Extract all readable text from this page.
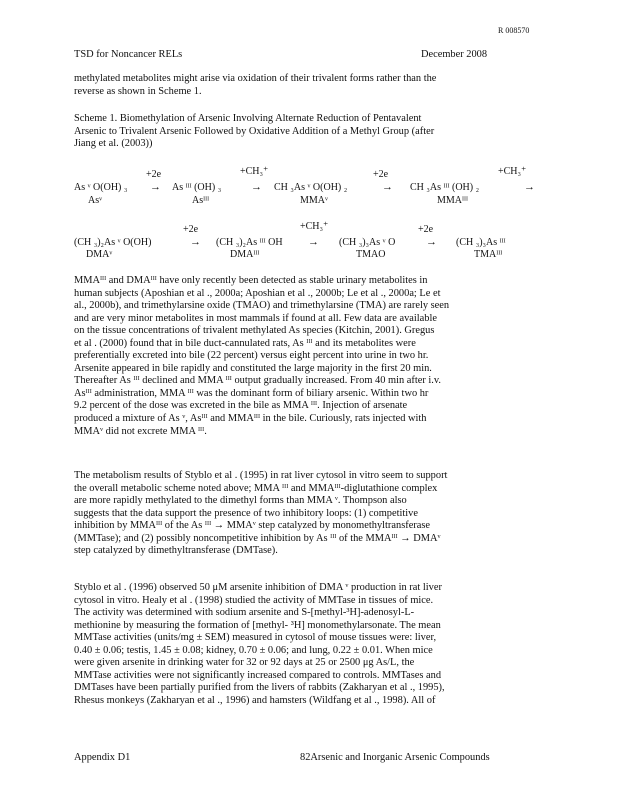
R 008570
TSD for Noncancer RELs	December 2008

methylated metabolites might arise via oxidation of their trivalent forms rather than the
reverse as shown in Scheme 1.

Scheme 1. Biomethylation of Arsenic Involving Alternate Reduction of Pentavalent
Arsenic to Trivalent Arsenic Followed by Oxidative Addition of a Methyl Group (after
Jiang et al. (2003))

+2e	+CH₃⁺	+2e	+CH₃⁺
As ᵛ O(OH) ₃ → As ᴵᴵᴵ (OH) ₃	→ CH ₃As ᵛ O(OH) ₂	→ CH ₃As ᴵᴵᴵ (OH) ₂	→
Asᵛ	Asᴵᴵᴵ	MMAᵛ	MMAᴵᴵᴵ
+2e	+CH₃⁺	+2e
(CH ₃)₂As ᵛ O(OH)	→ (CH ₃)₂As ᴵᴵᴵ OH → (CH ₃)₃As ᵛ O	→ (CH ₃)₃As ᴵᴵᴵ
DMAᵛ	DMAᴵᴵᴵ	TMAO	TMAᴵᴵᴵ

MMAᴵᴵᴵ and DMAᴵᴵᴵ have only recently been detected as stable urinary metabolites in
human subjects (Aposhian et al ., 2000a; Aposhian et al ., 2000b; Le et al ., 2000a; Le et
al., 2000b), and trimethylarsine oxide (TMAO) and trimethylarsine (TMA) are rarely seen
and are very minor metabolites in most mammals if found at all. Few data are available
on the tissue concentrations of trivalent methylated As species (Kitchin, 2001). Gregus
et al . (2000) found that in bile duct-cannulated rats, As ᴵᴵᴵ and its metabolites were
preferentially excreted into bile (22 percent) versus eight percent into urine in two hr.
Arsenite appeared in bile rapidly and constituted the large majority in the first 20 min.
Thereafter As ᴵᴵᴵ declined and MMA ᴵᴵᴵ output gradually increased. From 40 min after i.v.
Asᴵᴵᴵ administration, MMA ᴵᴵᴵ was the dominant form of biliary arsenic. Within two hr
9.2 percent of the dose was excreted in the bile as MMA ᴵᴵᴵ. Injection of arsenate
produced a mixture of As ᵛ, Asᴵᴵᴵ and MMAᴵᴵᴵ in the bile. Curiously, rats injected with
MMAᵛ did not excrete MMA ᴵᴵᴵ.

The metabolism results of Styblo et al . (1995) in rat liver cytosol in vitro seem to support
the overall metabolic scheme noted above; MMA ᴵᴵᴵ and MMAᴵᴵᴵ-diglutathione complex
are more rapidly methylated to the dimethyl forms than MMA ᵛ. Thompson also
suggests that the data support the presence of two inhibitory loops: (1) competitive
inhibition by MMAᴵᴵᴵ of the As ᴵᴵᴵ → MMAᵛ step catalyzed by monomethyltransferase
(MMTase); and (2) possibly noncompetitive inhibition by As ᴵᴵᴵ of the MMAᴵᴵᴵ → DMAᵛ
step catalyzed by dimethyltransferase (DMTase).

Styblo et al . (1996) observed 50 μM arsenite inhibition of DMA ᵛ production in rat liver
cytosol in vitro. Healy et al . (1998) studied the activity of MMTase in tissues of mice.
The activity was determined with sodium arsenite and S-[methyl-³H]-adenosyl-L-
methionine by measuring the formation of [methyl- ³H] monomethylarsonate. The mean
MMTase activities (units/mg ± SEM) measured in cytosol of mouse tissues were: liver,
0.40 ± 0.06; testis, 1.45 ± 0.08; kidney, 0.70 ± 0.06; and lung, 0.22 ± 0.01. When mice
were given arsenite in drinking water for 32 or 92 days at 25 or 2500 μg As/L, the
MMTase activities were not significantly increased compared to controls. MMTases and
DMTases have been partially purified from the livers of rabbits (Zakharyan et al ., 1995),
Rhesus monkeys (Zakharyan et al ., 1996) and hamsters (Wildfang et al ., 1998). All of

Appendix D1	82Arsenic and Inorganic Arsenic Compounds
